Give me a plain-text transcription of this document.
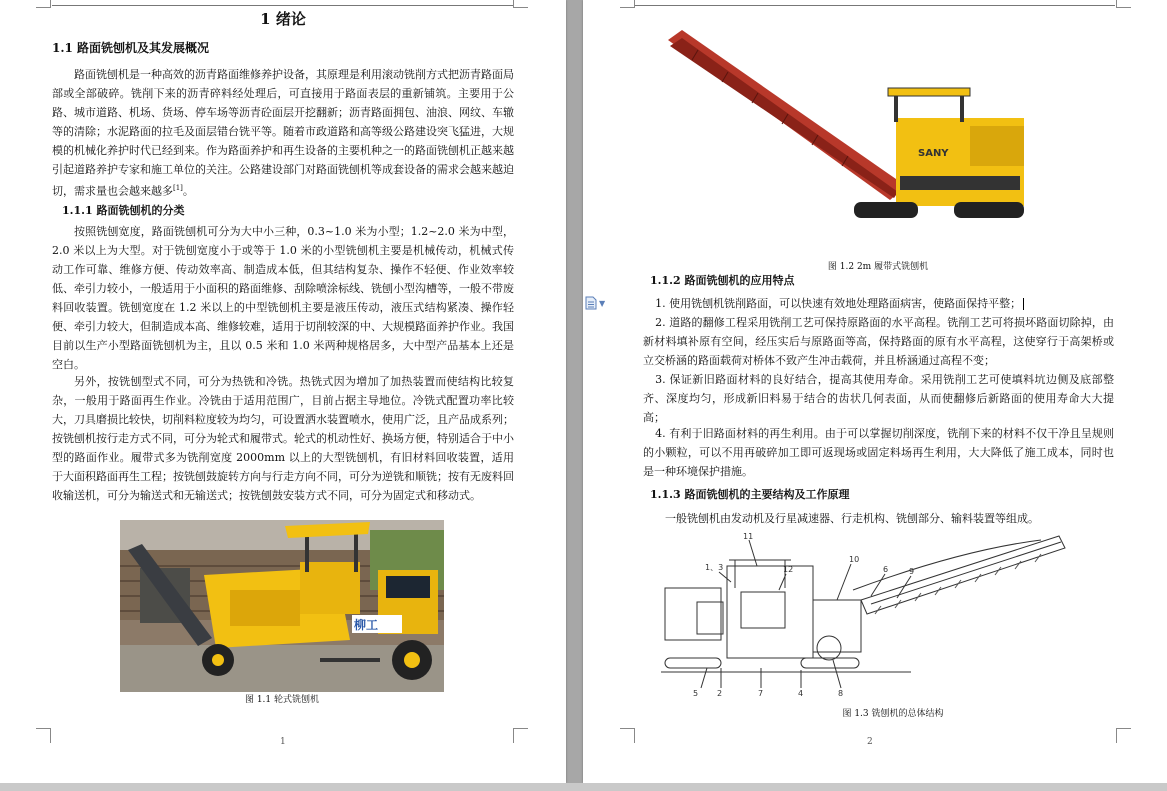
1 绪论
1.1 路面铣刨机及其发展概况
路面铣刨机是一种高效的沥青路面维修养护设备，其原理是利用滚动铣削方式把沥青路面局部或全部破碎。铣削下来的沥青碎料经处理后，可直接用于路面表层的重新铺筑。主要用于公路、城市道路、机场、货场、停车场等沥青砼面层开挖翻新；沥青路面拥包、油浪、网纹、车辙等的清除；水泥路面的拉毛及面层错台铣平等。随着市政道路和高等级公路建设突飞猛进，大规模的机械化养护时代已经到来。作为路面养护和再生设备的主要机种之一的路面铣刨机正越来越引起道路养护专家和施工单位的关注。公路建设部门对路面铣刨机等成套设备的需求会越来越迫切，需求量也会越来越多[1]。
1.1.1 路面铣刨机的分类
按照铣刨宽度，路面铣刨机可分为大中小三种，0.3~1.0 米为小型；1.2~2.0 米为中型，2.0 米以上为大型。对于铣刨宽度小于或等于 1.0 米的小型铣刨机主要是机械传动，机械式传动工作可靠、维修方便、传动效率高、制造成本低，但其结构复杂、操作不轻便、作业效率较低、牵引力较小，一般适用于小面积的路面维修、刮除喷涂标线、铣刨小型沟槽等，一般不带废料回收装置。铣刨宽度在 1.2 米以上的中型铣刨机主要是液压传动，液压式结构紧凑、操作轻便、牵引力较大，但制造成本高、维修较难，适用于切削较深的中、大规模路面养护作业。我国目前以生产小型路面铣刨机为主，且以 0.5 米和 1.0 米两种规格居多，大中型产品基本上还是空白。
另外，按铣刨型式不同，可分为热铣和冷铣。热铣式因为增加了加热装置而使结构比较复杂，一般用于路面再生作业。冷铣由于适用范围广，目前占据主导地位。冷铣式配置功率比较大，刀具磨损比较快，切削料粒度较为均匀，可设置洒水装置喷水，使用广泛，且产品成系列；按铣刨机按行走方式不同，可分为轮式和履带式。轮式的机动性好、换场方便，特别适合于中小型的路面作业。履带式多为铣削宽度 2000mm 以上的大型铣刨机，有旧材料回收装置，适用于大面积路面再生工程；按铣刨鼓旋转方向与行走方向不同，可分为逆铣和顺铣；按有无废料回收输送机，可分为输送式和无输送式；按铣刨鼓安装方式不同，可分为固定式和移动式。
柳工
图 1.1 轮式铣刨机
1
SANY
图 1.2 2m 履带式铣刨机
1.1.2 路面铣刨机的应用特点
1. 使用铣刨机铣削路面，可以快速有效地处理路面病害，使路面保持平整；
2. 道路的翻修工程采用铣削工艺可保持原路面的水平高程。铣削工艺可将损坏路面切除掉，由新材料填补原有空间，经压实后与原路面等高，保持路面的原有水平高程，这使穿行于高架桥或立交桥涵的路面载荷对桥体不致产生冲击载荷，并且桥涵通过高程不变；
3. 保证新旧路面材料的良好结合，提高其使用寿命。采用铣削工艺可使填料坑边侧及底部整齐、深度均匀，形成新旧料易于结合的齿状几何表面，从而使翻修后新路面的使用寿命大大提高；
4. 有利于旧路面材料的再生利用。由于可以掌握切削深度，铣削下来的材料不仅干净且呈规则的小颗粒，可以不用再破碎加工即可返现场或固定料场再生利用，大大降低了施工成本，同时也是一种环境保护措施。
1.1.3 路面铣刨机的主要结构及工作原理
一般铣刨机由发动机及行星减速器、行走机构、铣刨部分、输料装置等组成。
11
1、3	12
10
6	9
5 2	7	4	8
图 1.3 铣刨机的总体结构
2
▼
